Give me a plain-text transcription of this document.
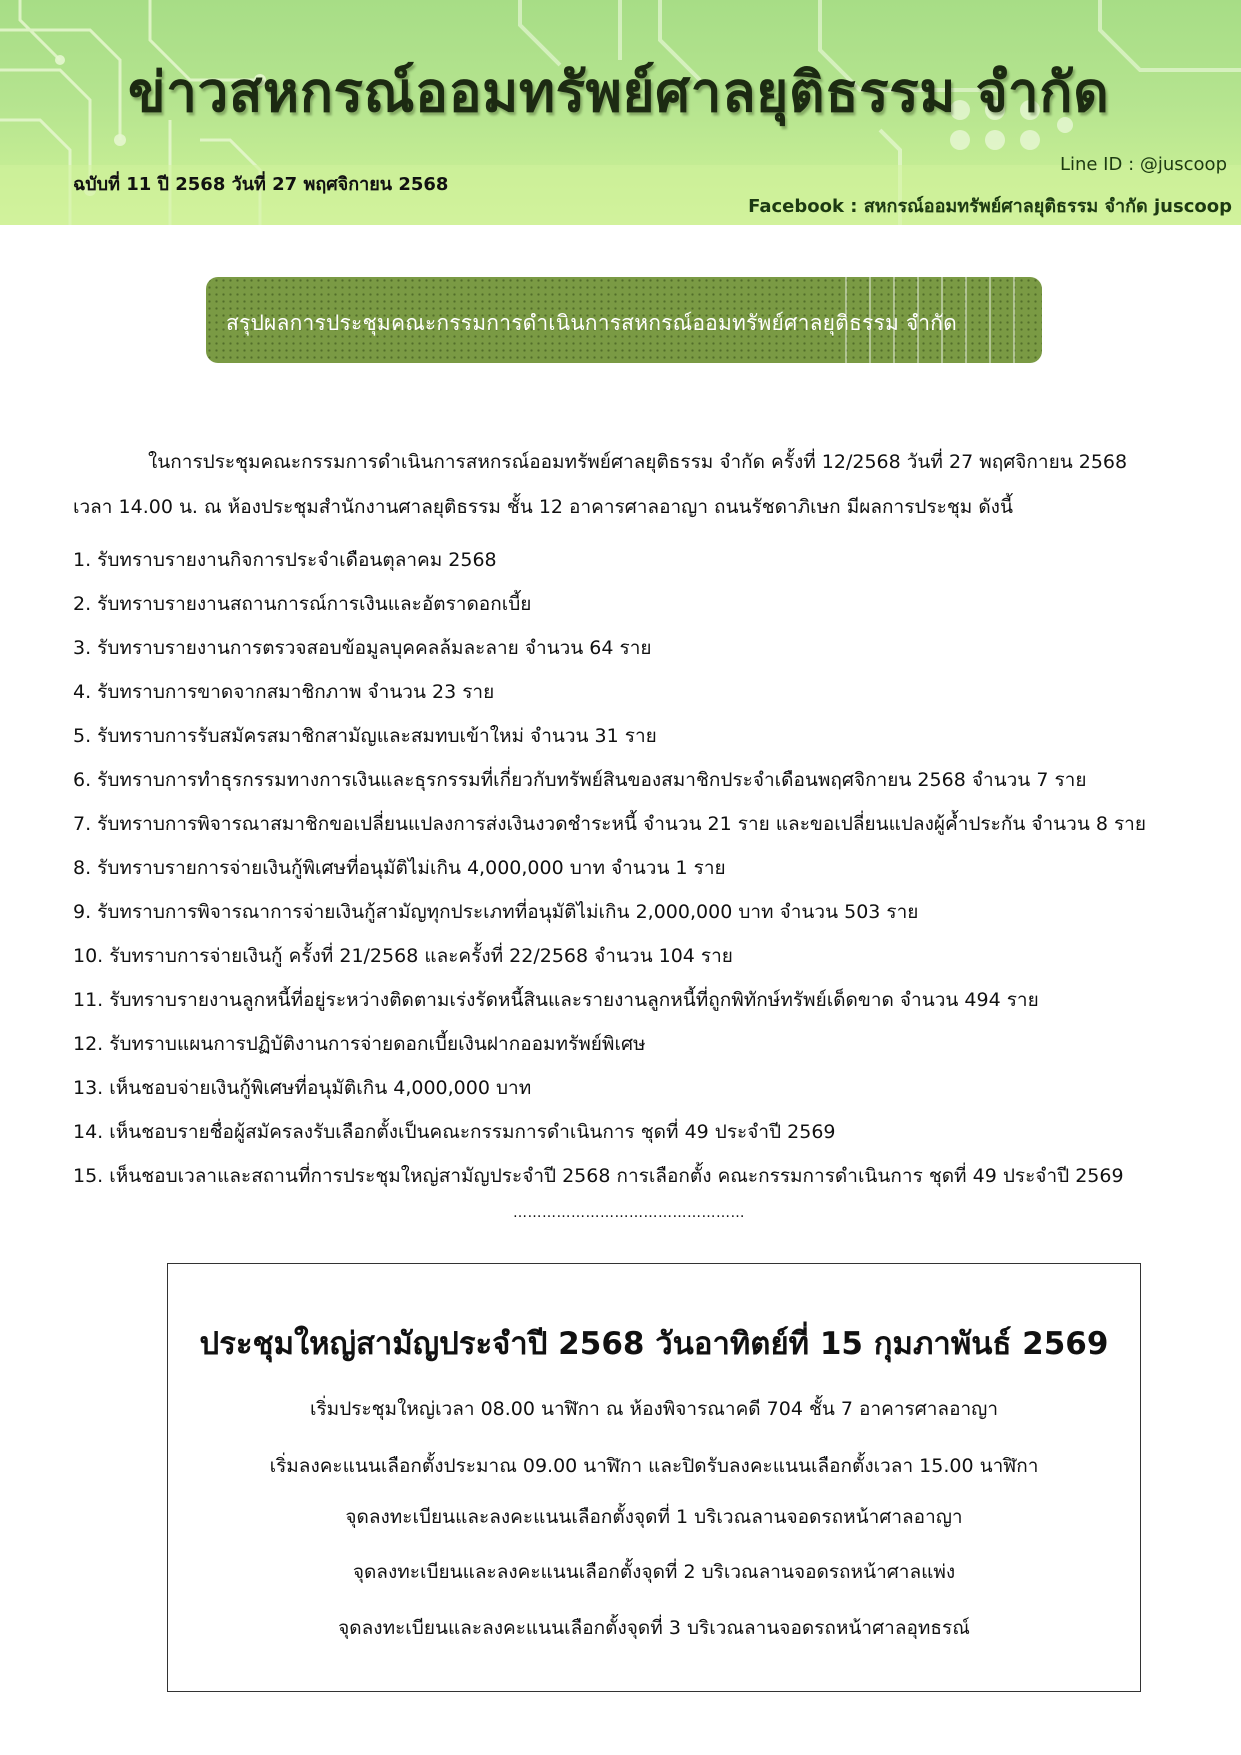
ข่าวสหกรณ์ออมทรัพย์ศาลยุติธรรม จำกัด
ฉบับที่ 11 ปี 2568 วันที่ 27 พฤศจิกายน 2568
Line ID : @juscoop
Facebook : สหกรณ์ออมทรัพย์ศาลยุติธรรม จำกัด juscoop
สรุปผลการประชุมคณะกรรมการดำเนินการสหกรณ์ออมทรัพย์ศาลยุติธรรม จำกัด
ในการประชุมคณะกรรมการดำเนินการสหกรณ์ออมทรัพย์ศาลยุติธรรม จำกัด ครั้งที่ 12/2568 วันที่ 27 พฤศจิกายน 2568
เวลา 14.00 น. ณ ห้องประชุมสำนักงานศาลยุติธรรม ชั้น 12 อาคารศาลอาญา ถนนรัชดาภิเษก มีผลการประชุม ดังนี้
1. รับทราบรายงานกิจการประจำเดือนตุลาคม 2568
2. รับทราบรายงานสถานการณ์การเงินและอัตราดอกเบี้ย
3. รับทราบรายงานการตรวจสอบข้อมูลบุคคลล้มละลาย จำนวน 64 ราย
4. รับทราบการขาดจากสมาชิกภาพ จำนวน 23 ราย
5. รับทราบการรับสมัครสมาชิกสามัญและสมทบเข้าใหม่ จำนวน 31 ราย
6. รับทราบการทำธุรกรรมทางการเงินและธุรกรรมที่เกี่ยวกับทรัพย์สินของสมาชิกประจำเดือนพฤศจิกายน 2568 จำนวน 7 ราย
7. รับทราบการพิจารณาสมาชิกขอเปลี่ยนแปลงการส่งเงินงวดชำระหนี้ จำนวน 21 ราย และขอเปลี่ยนแปลงผู้ค้ำประกัน จำนวน 8 ราย
8. รับทราบรายการจ่ายเงินกู้พิเศษที่อนุมัติไม่เกิน 4,000,000 บาท จำนวน 1 ราย
9. รับทราบการพิจารณาการจ่ายเงินกู้สามัญทุกประเภทที่อนุมัติไม่เกิน 2,000,000 บาท จำนวน 503 ราย
10. รับทราบการจ่ายเงินกู้ ครั้งที่ 21/2568 และครั้งที่ 22/2568 จำนวน 104 ราย
11. รับทราบรายงานลูกหนี้ที่อยู่ระหว่างติดตามเร่งรัดหนี้สินและรายงานลูกหนี้ที่ถูกพิทักษ์ทรัพย์เด็ดขาด จำนวน 494 ราย
12. รับทราบแผนการปฏิบัติงานการจ่ายดอกเบี้ยเงินฝากออมทรัพย์พิเศษ
13. เห็นชอบจ่ายเงินกู้พิเศษที่อนุมัติเกิน 4,000,000 บาท
14. เห็นชอบรายชื่อผู้สมัครลงรับเลือกตั้งเป็นคณะกรรมการดำเนินการ ชุดที่ 49 ประจำปี 2569
15. เห็นชอบเวลาและสถานที่การประชุมใหญ่สามัญประจำปี 2568 การเลือกตั้ง คณะกรรมการดำเนินการ ชุดที่ 49 ประจำปี 2569
…………………………………………
ประชุมใหญ่สามัญประจำปี 2568 วันอาทิตย์ที่ 15 กุมภาพันธ์ 2569
เริ่มประชุมใหญ่เวลา 08.00 นาฬิกา ณ ห้องพิจารณาคดี 704 ชั้น 7 อาคารศาลอาญา
เริ่มลงคะแนนเลือกตั้งประมาณ 09.00 นาฬิกา และปิดรับลงคะแนนเลือกตั้งเวลา 15.00 นาฬิกา
จุดลงทะเบียนและลงคะแนนเลือกตั้งจุดที่ 1 บริเวณลานจอดรถหน้าศาลอาญา
จุดลงทะเบียนและลงคะแนนเลือกตั้งจุดที่ 2 บริเวณลานจอดรถหน้าศาลแพ่ง
จุดลงทะเบียนและลงคะแนนเลือกตั้งจุดที่ 3 บริเวณลานจอดรถหน้าศาลอุทธรณ์
